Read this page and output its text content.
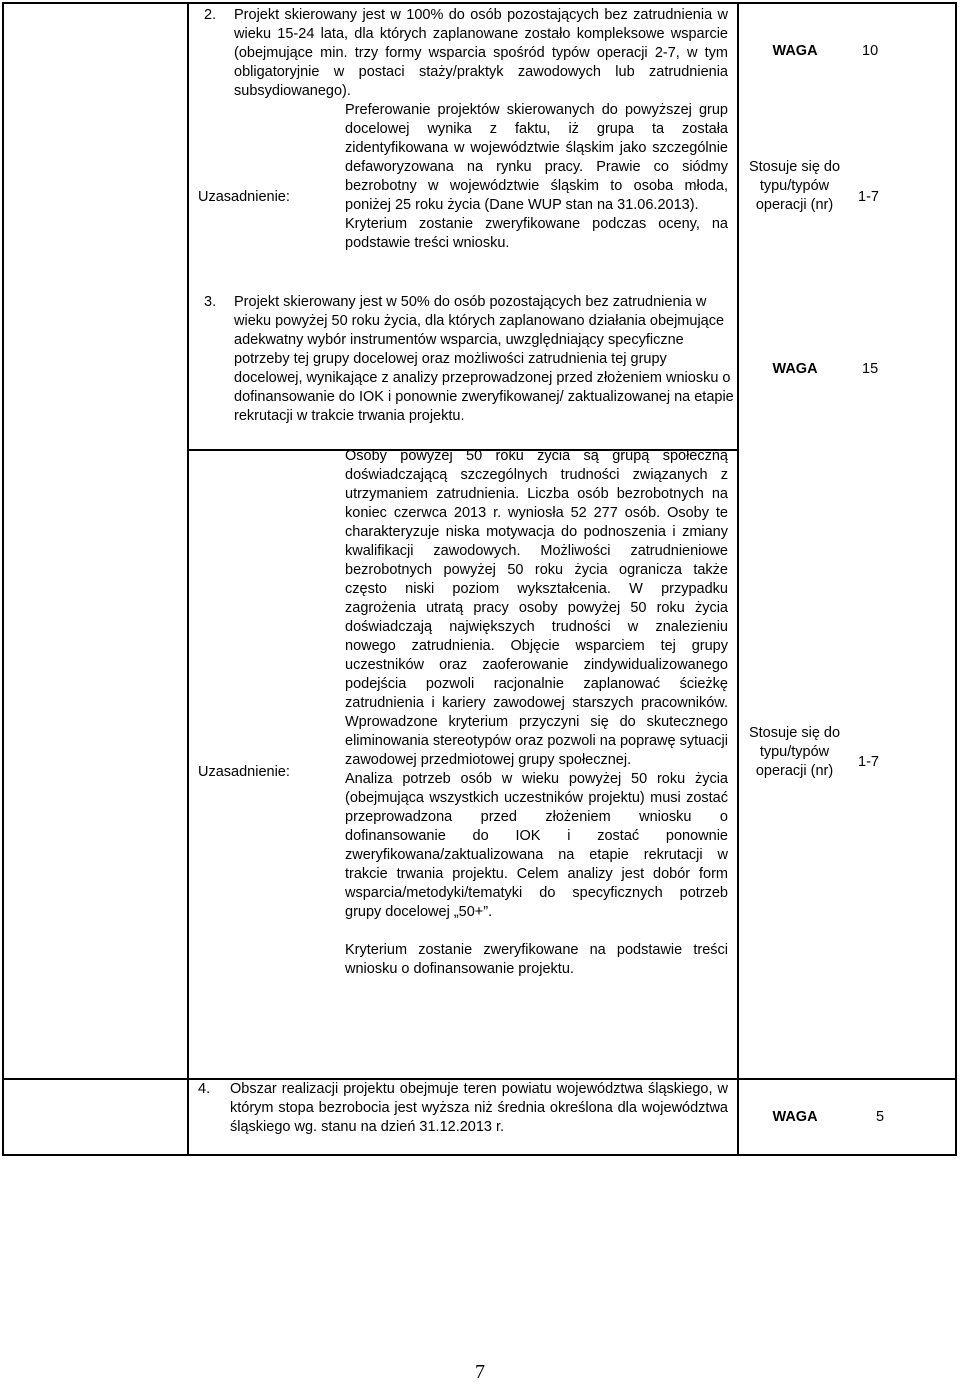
2. Projekt skierowany jest w 100% do osób pozostających bez zatrudnienia w wieku 15-24 lata, dla których zaplanowane zostało kompleksowe wsparcie (obejmujące min. trzy formy wsparcia spośród typów operacji 2-7, w tym obligatoryjnie w postaci staży/praktyk zawodowych lub zatrudnienia subsydiowanego).
WAGA	10
Uzasadnienie:

Preferowanie projektów skierowanych do powyższej grup docelowej wynika z faktu, iż grupa ta została zidentyfikowana w województwie śląskim jako szczególnie defaworyzowana na rynku pracy. Prawie co siódmy bezrobotny w województwie śląskim to osoba młoda, poniżej 25 roku życia (Dane WUP stan na 31.06.2013).

Kryterium zostanie zweryfikowane podczas oceny, na podstawie treści wniosku.

Stosuje się do typu/typów operacji (nr)	1-7
3. Projekt skierowany jest w 50% do osób pozostających bez zatrudnienia w wieku powyżej 50 roku życia, dla których zaplanowano działania obejmujące adekwatny wybór instrumentów wsparcia, uwzględniający specyficzne potrzeby tej grupy docelowej oraz możliwości zatrudnienia tej grupy docelowej, wynikające z analizy przeprowadzonej przed złożeniem wniosku o dofinansowanie do IOK i ponownie zweryfikowanej/ zaktualizowanej na etapie rekrutacji w trakcie trwania projektu.
WAGA	15
Uzasadnienie:

Osoby powyżej 50 roku życia są grupą społeczną doświadczającą szczególnych trudności związanych z utrzymaniem zatrudnienia. Liczba osób bezrobotnych na koniec czerwca 2013 r. wyniosła 52 277 osób. Osoby te charakteryzuje niska motywacja do podnoszenia i zmiany kwalifikacji zawodowych. Możliwości zatrudnieniowe bezrobotnych powyżej 50 roku życia ogranicza także często niski poziom wykształcenia. W przypadku zagrożenia utratą pracy osoby powyżej 50 roku życia doświadczają największych trudności w znalezieniu nowego zatrudnienia. Objęcie wsparciem tej grupy uczestników oraz zaoferowanie zindywidualizowanego podejścia pozwoli racjonalnie zaplanować ścieżkę zatrudnienia i kariery zawodowej starszych pracowników. Wprowadzone kryterium przyczyni się do skutecznego eliminowania stereotypów oraz pozwoli na poprawę sytuacji zawodowej przedmiotowej grupy społecznej.

Analiza potrzeb osób w wieku powyżej 50 roku życia (obejmująca wszystkich uczestników projektu) musi zostać przeprowadzona przed złożeniem wniosku o dofinansowanie do IOK i zostać ponownie zweryfikowana/zaktualizowana na etapie rekrutacji w trakcie trwania projektu. Celem analizy jest dobór form wsparcia/metodyki/tematyki do specyficznych potrzeb grupy docelowej „50+”.

Kryterium zostanie zweryfikowane na podstawie treści wniosku o dofinansowanie projektu.

Stosuje się do typu/typów operacji (nr)
1-7
4. Obszar realizacji projektu obejmuje teren powiatu województwa śląskiego, w którym stopa bezrobocia jest wyższa niż średnia określona dla województwa śląskiego wg. stanu na dzień 31.12.2013 r.
WAGA	5
7
